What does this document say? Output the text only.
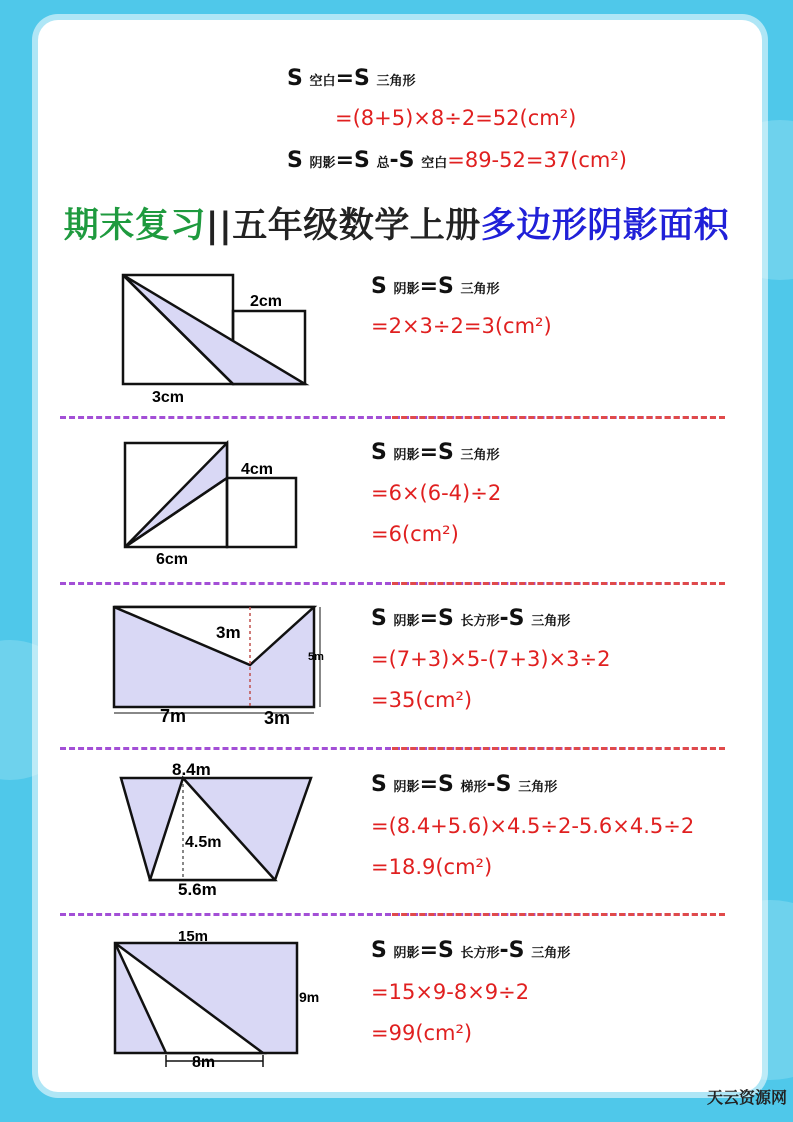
S 空白=S 三角形
=(8+5)×8÷2=52(cm²)
S 阴影=S 总-S 空白=89-52=37(cm²)
期末复习||五年级数学上册多边形阴影面积
2cm
3cm
S 阴影=S 三角形
=2×3÷2=3(cm²)
4cm
6cm
S 阴影=S 三角形
=6×(6-4)÷2
=6(cm²)
3m
5m
7m	3m
S 阴影=S 长方形-S 三角形
=(7+3)×5-(7+3)×3÷2
=35(cm²)
8.4m
4.5m
5.6m
S 阴影=S 梯形-S 三角形
=(8.4+5.6)×4.5÷2-5.6×4.5÷2
=18.9(cm²)
15m
9m
8m
S 阴影=S 长方形-S 三角形
=15×9-8×9÷2
=99(cm²)
天云资源网
